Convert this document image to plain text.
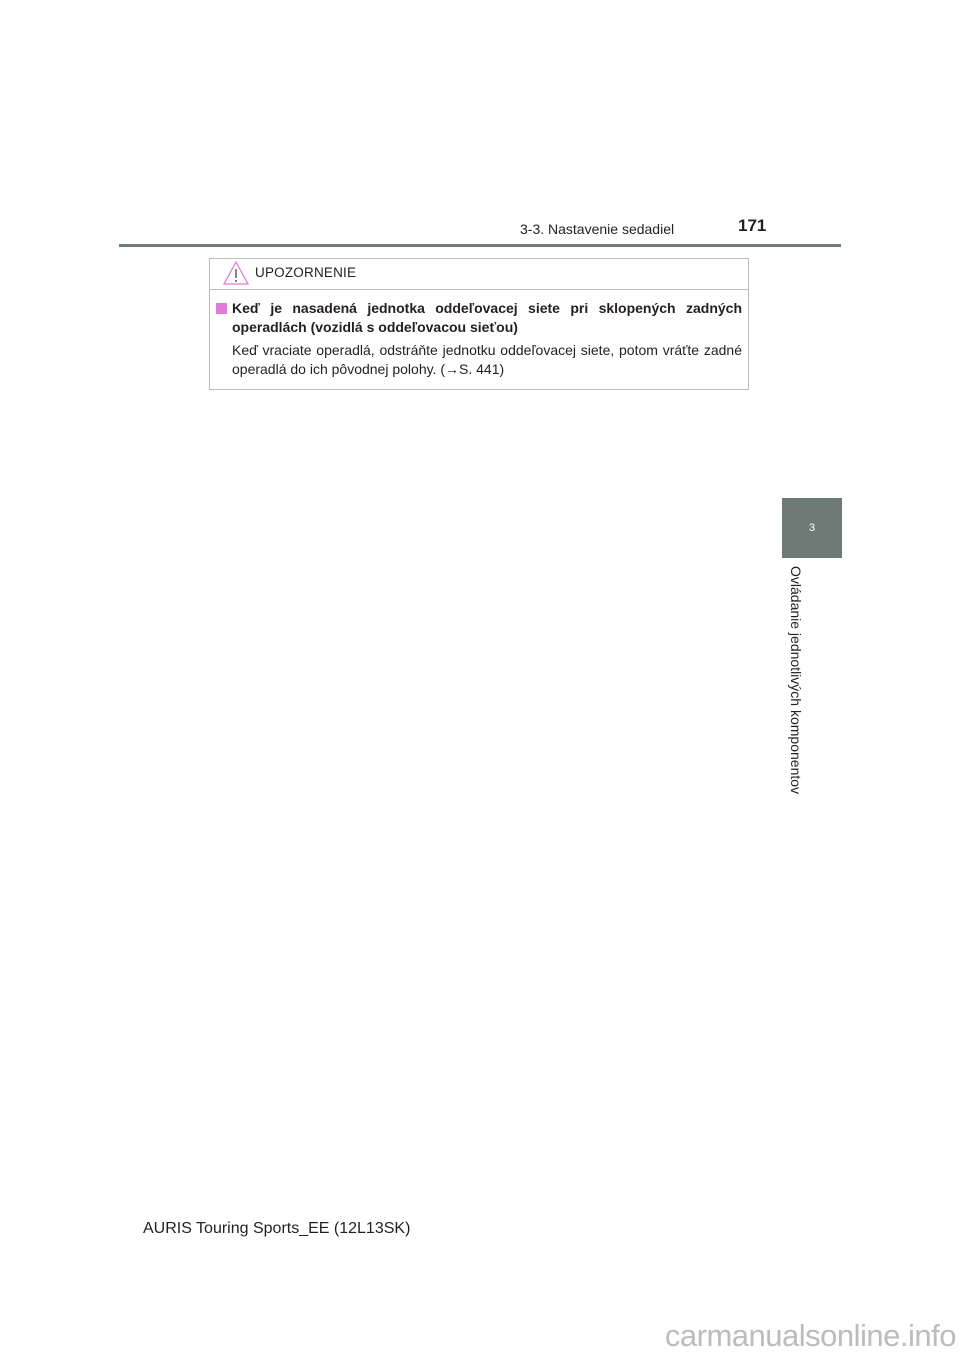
3-3. Nastavenie sedadiel	171
UPOZORNENIE
Keď je nasadená jednotka oddeľovacej siete pri sklopených zadných operadlách (vozidlá s oddeľovacou sieťou)
Keď vraciate operadlá, odstráňte jednotku oddeľovacej siete, potom vráťte zadné operadlá do ich pôvodnej polohy. (→S. 441)
3
Ovládanie jednotlivých komponentov
AURIS Touring Sports_EE (12L13SK)
carmanualsonline.info
